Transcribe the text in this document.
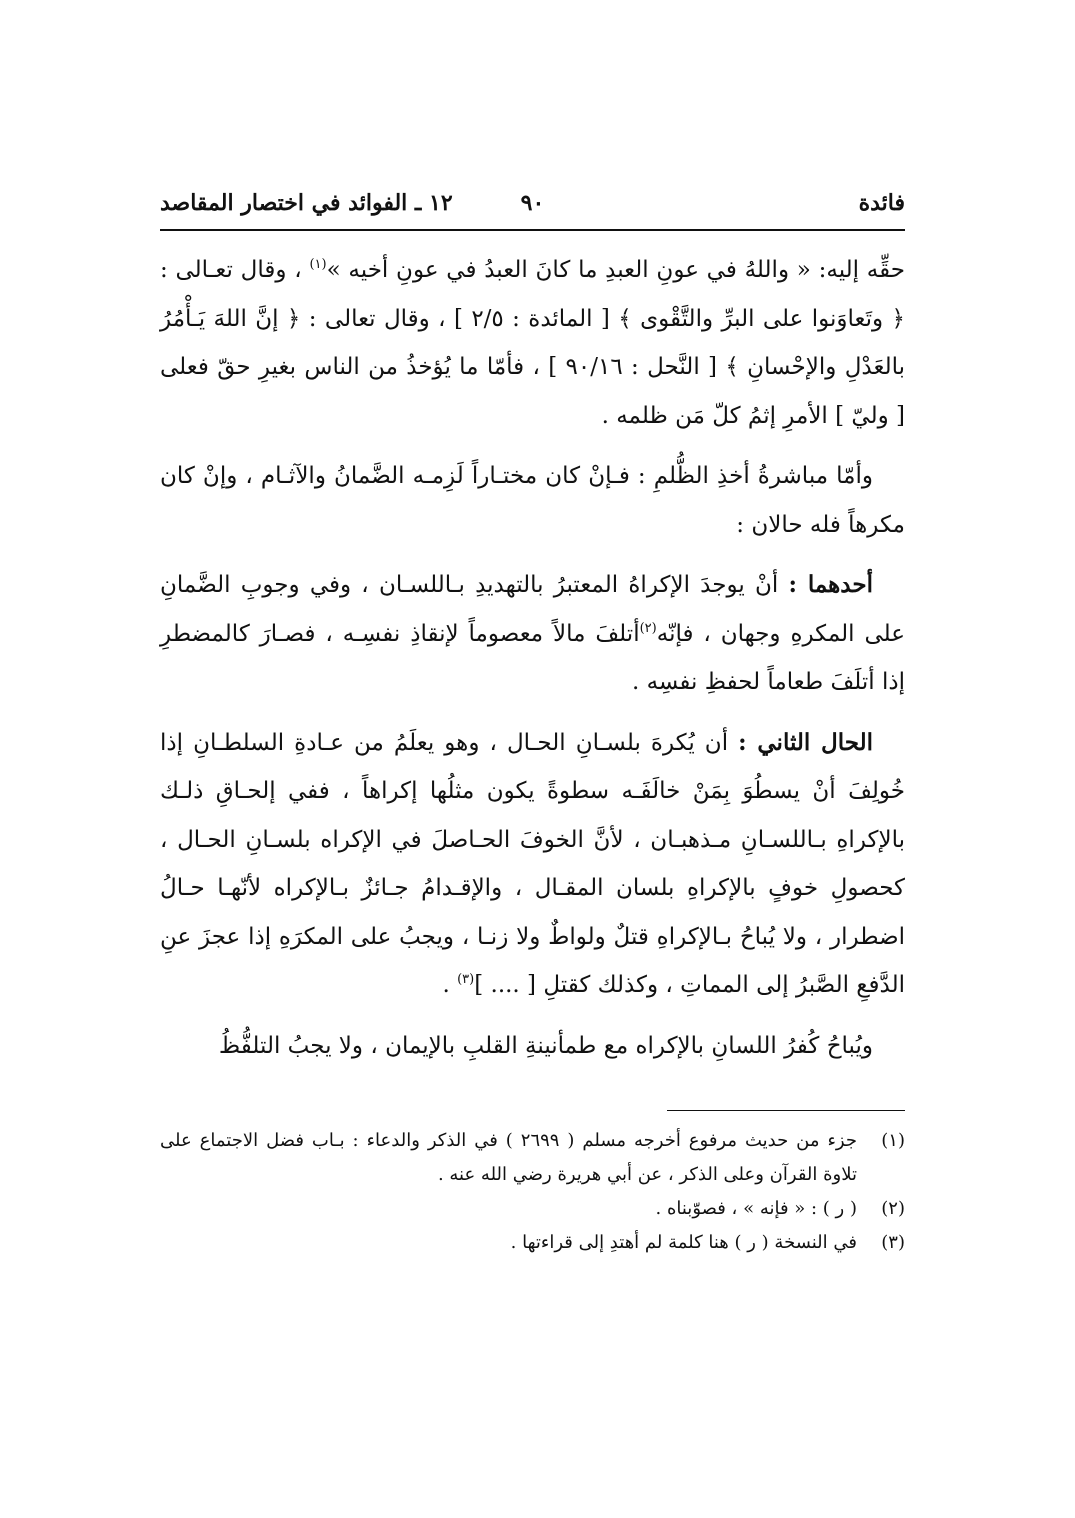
فائدة
٩٠
١٢ ـ الفوائد في اختصار المقاصد

حقِّه إليه: « واللهُ في عونِ العبدِ ما كانَ العبدُ في عونِ أخيه »$^{(١)}$ ، وقال تعـالى : ﴿ وتَعاوَنوا على البرِّ والتَّقْوى ﴾ [ المائدة : ٢/٥ ] ، وقال تعالى : ﴿ إنَّ اللهَ يَـأْمُرُ بالعَدْلِ والإحْسانِ ﴾ [ النَّحل : ٩٠/١٦ ] ، فأمّا ما يُؤخذُ من الناس بغيرِ حقّ فعلى [ وليّ ] الأمرِ إثمُ كلّ مَن ظلمه .

وأمّا مباشرةُ أخذِ الظُّلمِ : فـإنْ كان مختـاراً لَزِمـه الضَّمانُ والآثـام ، وإنْ كان مكرهاً فله حالان :

أحدهما : أنْ يوجدَ الإكراهُ المعتبرُ بالتهديدِ بـاللسـان ، وفي وجوبِ الضَّمانِ على المكرهِ وجهان ، فإنّه$^{(٢)}$أتلفَ مالاً معصوماً لإنقاذِ نفسِـه ، فصـارَ كالمضطرِ إذا أتلَفَ طعاماً لحفظِ نفسِه .

الحال الثاني : أن يُكرهَ بلسـانِ الحـال ، وهو يعلَمُ من عـادةِ السلطـانِ إذا خُولِفَ أنْ يسطُوَ بِمَنْ خالَفَـه سطوةً يكون مثلُها إكراهاً ، ففي إلحـاقِ ذلـك بالإكراهِ بـاللسـانِ مـذهبـان ، لأنَّ الخوفَ الحـاصلَ في الإكراه بلسـانِ الحـال ، كحصولِ خوفٍ بالإكراهِ بلسان المقـال ، والإقـدامُ جـائزٌ بـالإكراه لأنّهـا حـالُ اضطرار ، ولا يُباحُ بـالإكراهِ قتلٌ ولواطٌ ولا زنـا ، ويجبُ على المكرَهِ إذا عجزَ عنِ الدَّفعِ الصَّبرُ إلى المماتِ ، وكذلك كقتلِ [ .... ]$^{(٣)}$ .

ويُباحُ كُفرُ اللسانِ بالإكراه مع طمأنينةِ القلبِ بالإيمان ، ولا يجبُ التلفُّظُ

(١)
جزء من حديث مرفوع أخرجه مسلم ( ٢٦٩٩ ) في الذكر والدعاء : بـاب فضل الاجتماع على تلاوة القرآن وعلى الذكر ، عن أبي هريرة رضي الله عنه .
(٢)
( ر ) : « فإنه » ، فصوّبناه .
(٣)
في النسخة ( ر ) هنا كلمة لم أهتدِ إلى قراءتها .
